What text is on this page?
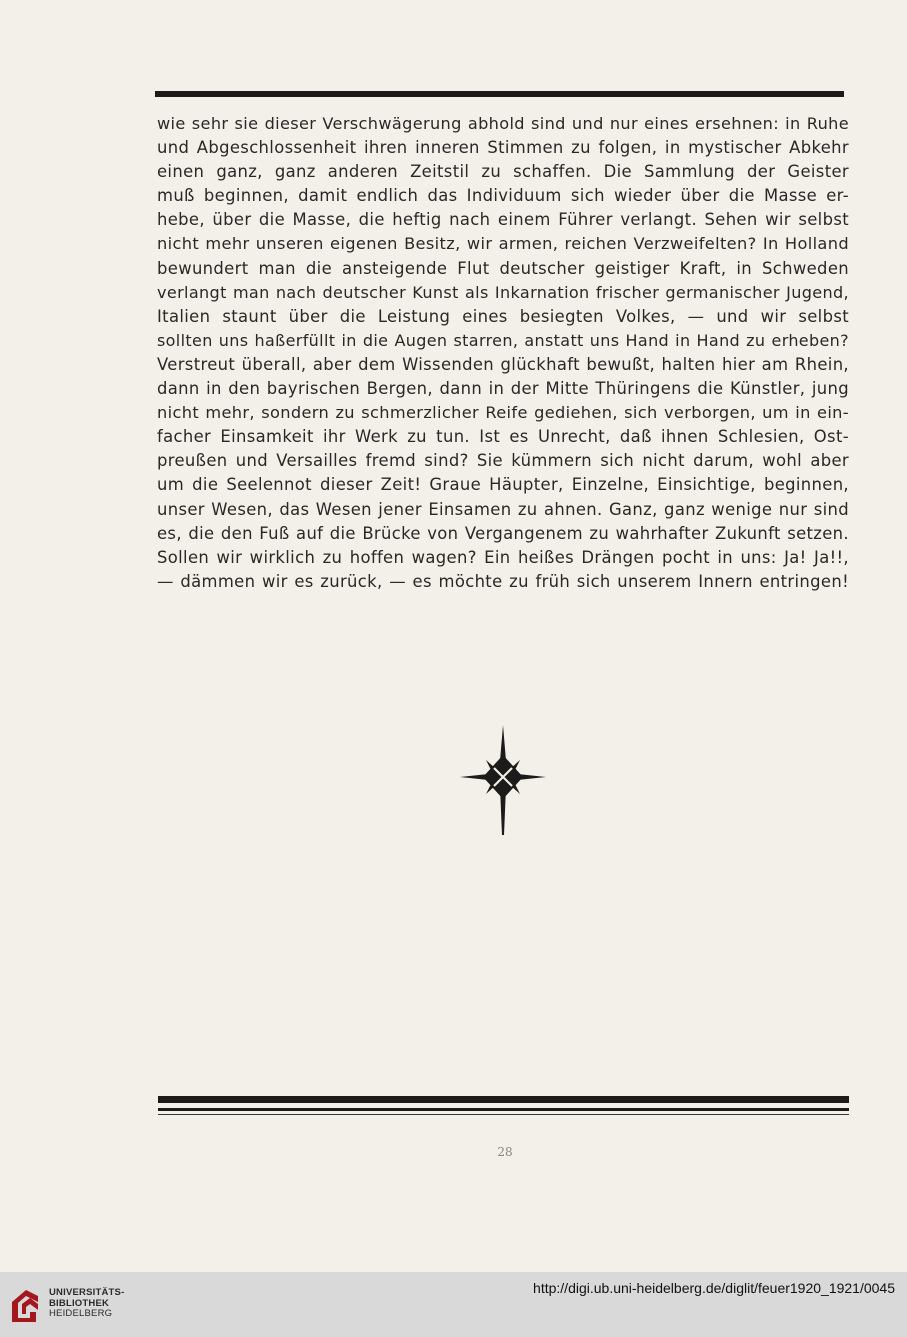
wie sehr sie dieser Verschwägerung abhold sind und nur eines ersehnen: in Ruhe
und Abgeschlossenheit ihren inneren Stimmen zu folgen, in mystischer Abkehr
einen ganz, ganz anderen Zeitstil zu schaffen. Die Sammlung der Geister
muß beginnen, damit endlich das Individuum sich wieder über die Masse er-
hebe, über die Masse, die heftig nach einem Führer verlangt. Sehen wir selbst
nicht mehr unseren eigenen Besitz, wir armen, reichen Verzweifelten? In Holland
bewundert man die ansteigende Flut deutscher geistiger Kraft, in Schweden
verlangt man nach deutscher Kunst als Inkarnation frischer germanischer Jugend,
Italien staunt über die Leistung eines besiegten Volkes, — und wir selbst
sollten uns haßerfüllt in die Augen starren, anstatt uns Hand in Hand zu erheben?
Verstreut überall, aber dem Wissenden glückhaft bewußt, halten hier am Rhein,
dann in den bayrischen Bergen, dann in der Mitte Thüringens die Künstler, jung
nicht mehr, sondern zu schmerzlicher Reife gediehen, sich verborgen, um in ein-
facher Einsamkeit ihr Werk zu tun. Ist es Unrecht, daß ihnen Schlesien, Ost-
preußen und Versailles fremd sind? Sie kümmern sich nicht darum, wohl aber
um die Seelennot dieser Zeit! Graue Häupter, Einzelne, Einsichtige, beginnen,
unser Wesen, das Wesen jener Einsamen zu ahnen. Ganz, ganz wenige nur sind
es, die den Fuß auf die Brücke von Vergangenem zu wahrhafter Zukunft setzen.
Sollen wir wirklich zu hoffen wagen? Ein heißes Drängen pocht in uns: Ja! Ja!!,
— dämmen wir es zurück, — es möchte zu früh sich unserem Innern entringen!
28
UNIVERSITÄTS-
BIBLIOTHEK
HEIDELBERG
http://digi.ub.uni-heidelberg.de/diglit/feuer1920_1921/0045
